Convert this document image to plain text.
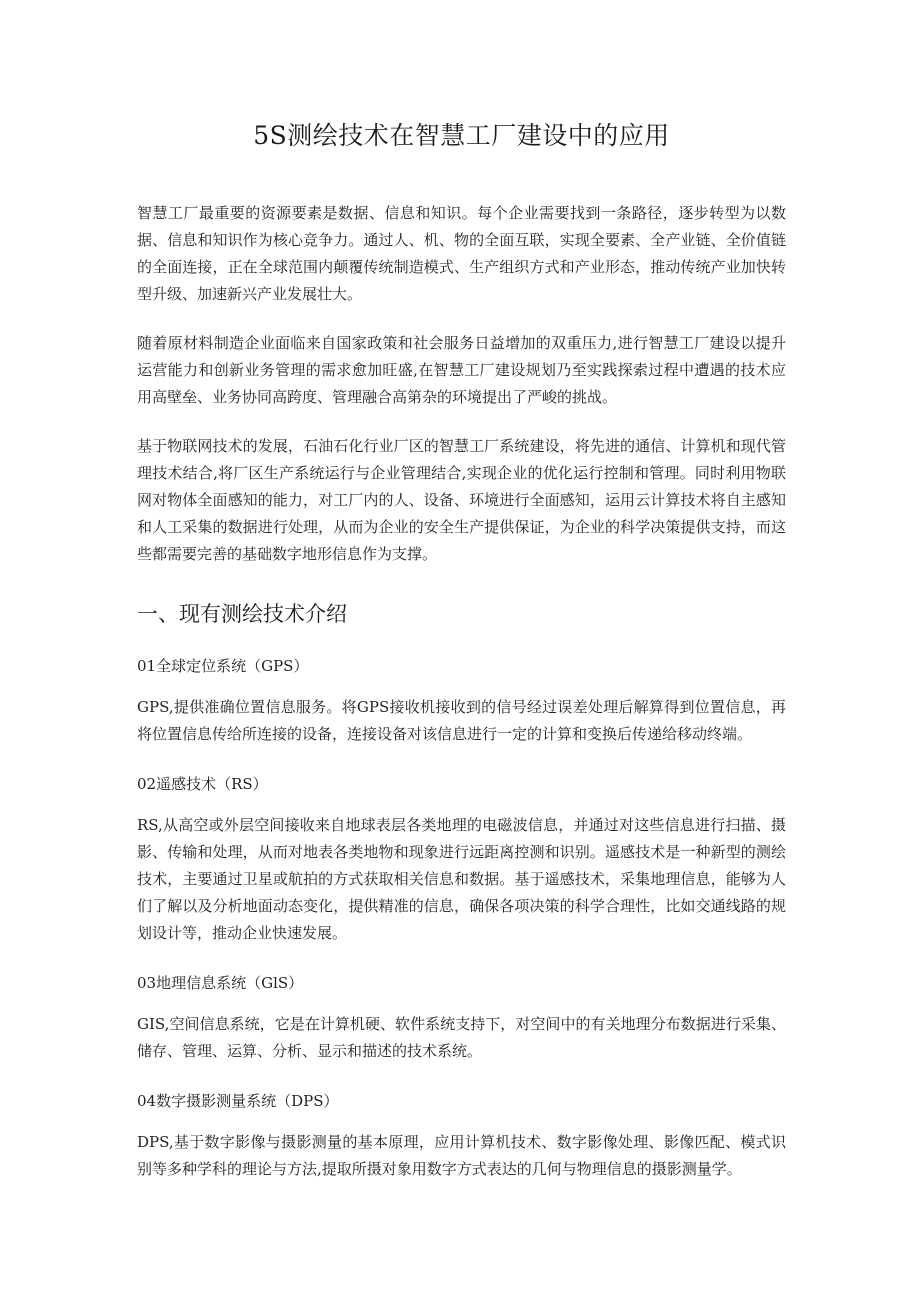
5S测绘技术在智慧工厂建设中的应用

智慧工厂最重要的资源要素是数据、信息和知识。每个企业需要找到一条路径，逐步转型为以数据、信息和知识作为核心竞争力。通过人、机、物的全面互联，实现全要素、全产业链、全价值链的全面连接，正在全球范围内颠覆传统制造模式、生产组织方式和产业形态，推动传统产业加快转型升级、加速新兴产业发展壮大。

随着原材料制造企业面临来自国家政策和社会服务日益增加的双重压力,进行智慧工厂建设以提升运营能力和创新业务管理的需求愈加旺盛,在智慧工厂建设规划乃至实践探索过程中遭遇的技术应用高壁垒、业务协同高跨度、管理融合高第杂的环境提出了严峻的挑战。

基于物联网技术的发展，石油石化行业厂区的智慧工厂系统建设，将先进的通信、计算机和现代管理技术结合,将厂区生产系统运行与企业管理结合,实现企业的优化运行控制和管理。同时利用物联网对物体全面感知的能力，对工厂内的人、设备、环境进行全面感知，运用云计算技术将自主感知和人工采集的数据进行处理，从而为企业的安全生产提供保证，为企业的科学决策提供支持，而这些都需要完善的基础数字地形信息作为支撑。

一、现有测绘技术介绍
01全球定位系统（GPS）

GPS,提供准确位置信息服务。将GPS接收机接收到的信号经过误差处理后解算得到位置信息，再将位置信息传给所连接的设备，连接设备对该信息进行一定的计算和变换后传递给移动终端。

02遥感技术（RS）

RS,从高空或外层空间接收来自地球表层各类地理的电磁波信息，并通过对这些信息进行扫描、摄影、传输和处理，从而对地表各类地物和现象进行远距离控测和识别。遥感技术是一种新型的测绘技术，主要通过卫星或航拍的方式获取相关信息和数据。基于遥感技术，采集地理信息，能够为人们了解以及分析地面动态变化，提供精准的信息，确保各项决策的科学合理性，比如交通线路的规划设计等，推动企业快速发展。

03地理信息系统（GlS）

GIS,空间信息系统，它是在计算机硬、软件系统支持下，对空间中的有关地理分布数据进行采集、储存、管理、运算、分析、显示和描述的技术系统。

04数字摄影测量系统（DPS）

DPS,基于数字影像与摄影测量的基本原理，应用计算机技术、数字影像处理、影像匹配、模式识别等多种学科的理论与方法,提取所摄对象用数字方式表达的几何与物理信息的摄影测量学。
